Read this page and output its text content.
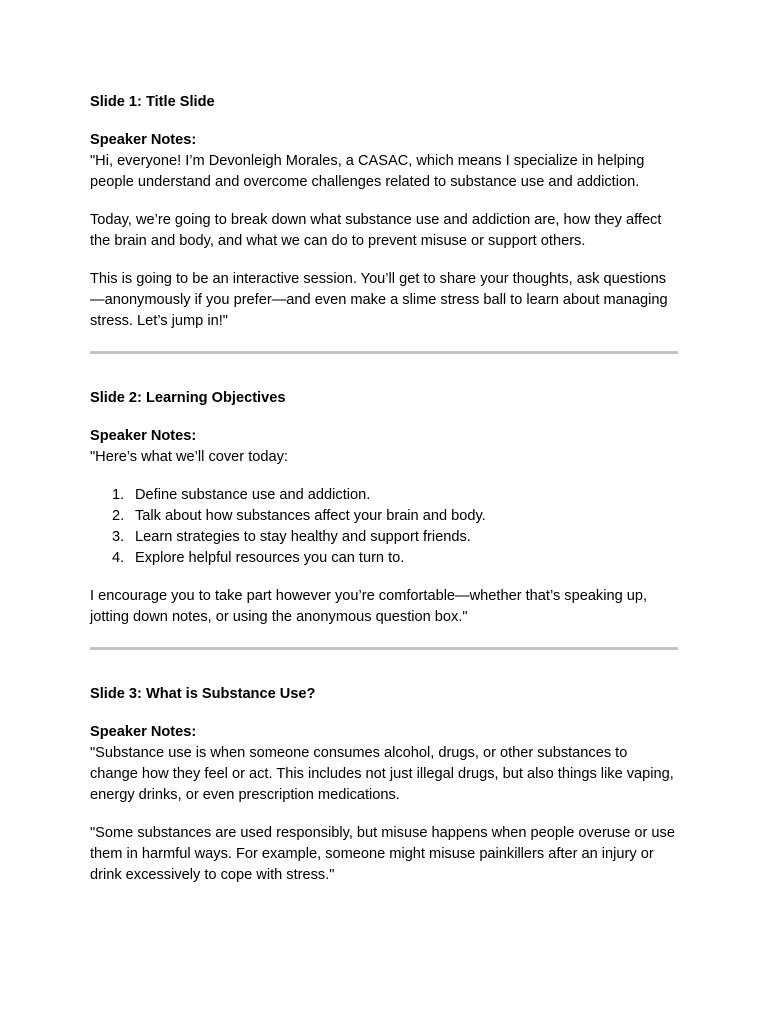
Slide 1: Title Slide

Speaker Notes:

"Hi, everyone! I’m Devonleigh Morales, a CASAC, which means I specialize in helping people understand and overcome challenges related to substance use and addiction.

Today, we’re going to break down what substance use and addiction are, how they affect the brain and body, and what we can do to prevent misuse or support others.

This is going to be an interactive session. You’ll get to share your thoughts, ask questions—anonymously if you prefer—and even make a slime stress ball to learn about managing stress. Let’s jump in!"

Slide 2: Learning Objectives

Speaker Notes:

"Here’s what we’ll cover today:

1. Define substance use and addiction.
2. Talk about how substances affect your brain and body.
3. Learn strategies to stay healthy and support friends.
4. Explore helpful resources you can turn to.

I encourage you to take part however you’re comfortable—whether that’s speaking up, jotting down notes, or using the anonymous question box."

Slide 3: What is Substance Use?

Speaker Notes:

"Substance use is when someone consumes alcohol, drugs, or other substances to change how they feel or act. This includes not just illegal drugs, but also things like vaping, energy drinks, or even prescription medications.

"Some substances are used responsibly, but misuse happens when people overuse or use them in harmful ways. For example, someone might misuse painkillers after an injury or drink excessively to cope with stress."
